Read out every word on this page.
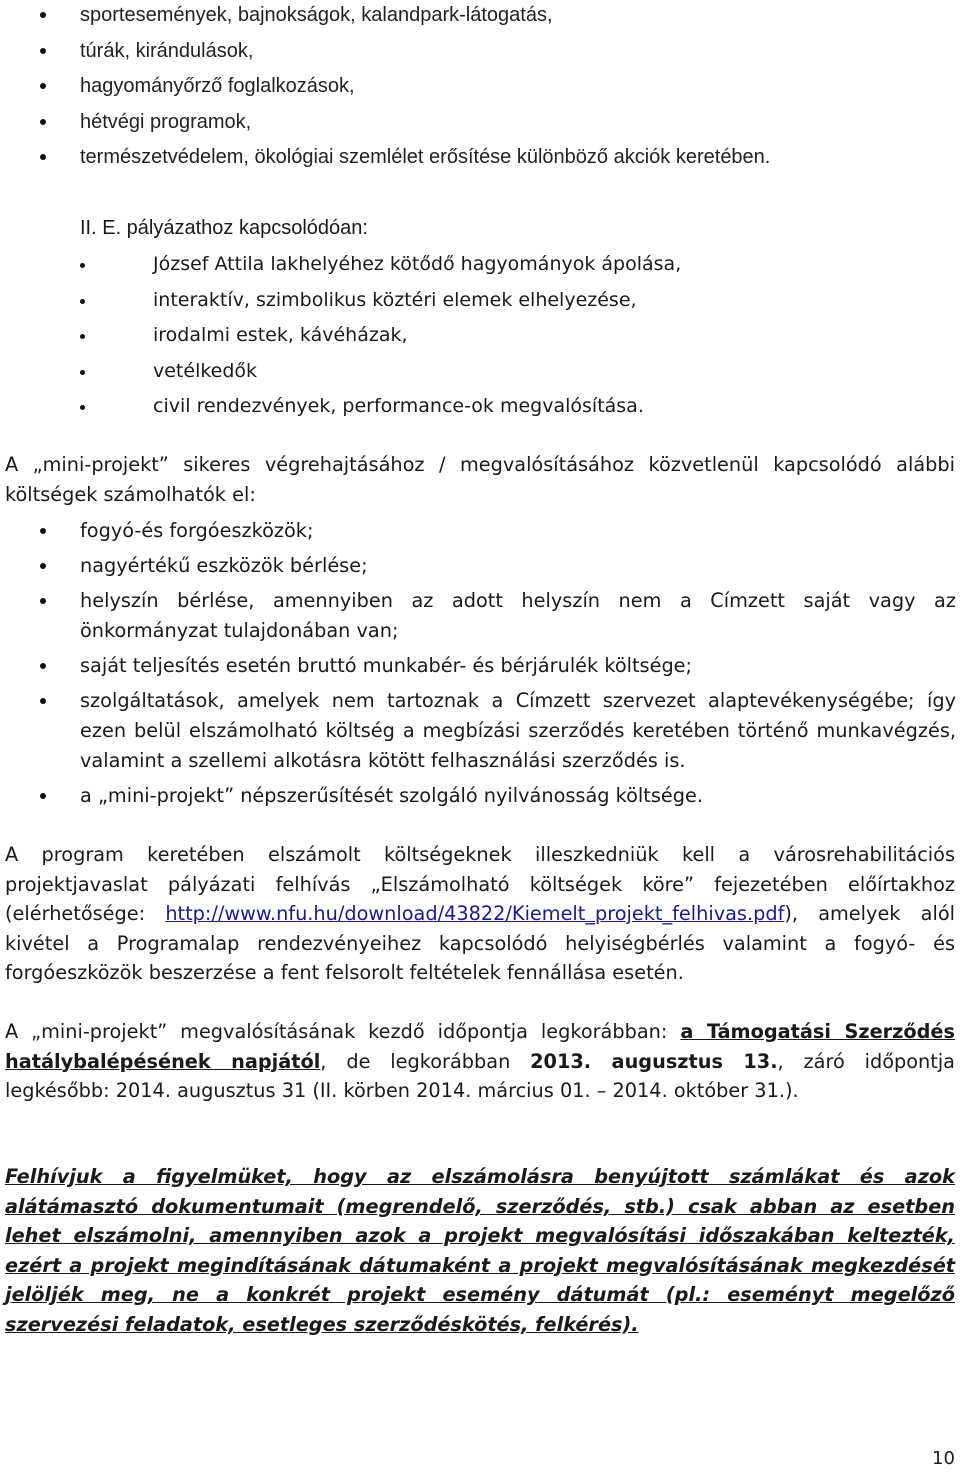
sportesemények, bajnokságok, kalandpark-látogatás,
túrák, kirándulások,
hagyományőrző foglalkozások,
hétvégi programok,
természetvédelem, ökológiai szemlélet erősítése különböző akciók keretében.
II. E. pályázathoz kapcsolódóan:
József Attila lakhelyéhez kötődő hagyományok ápolása,
interaktív, szimbolikus köztéri elemek elhelyezése,
irodalmi estek, kávéházak,
vetélkedők
civil rendezvények, performance-ok megvalósítása.

A „mini-projekt” sikeres végrehajtásához / megvalósításához közvetlenül kapcsolódó alábbi költségek számolhatók el:

fogyó-és forgóeszközök;
nagyértékű eszközök bérlése;
helyszín bérlése, amennyiben az adott helyszín nem a Címzett saját vagy az önkormányzat tulajdonában van;
saját teljesítés esetén bruttó munkabér- és bérjárulék költsége;
szolgáltatások, amelyek nem tartoznak a Címzett szervezet alaptevékenységébe; így ezen belül elszámolható költség a megbízási szerződés keretében történő munkavégzés, valamint a szellemi alkotásra kötött felhasználási szerződés is.
a „mini-projekt” népszerűsítését szolgáló nyilvánosság költsége.

A program keretében elszámolt költségeknek illeszkedniük kell a városrehabilitációs projektjavaslat pályázati felhívás „Elszámolható költségek köre” fejezetében előírtakhoz (elérhetősége: http://www.nfu.hu/download/43822/Kiemelt_projekt_felhivas.pdf), amelyek alól kivétel a Programalap rendezvényeihez kapcsolódó helyiségbérlés valamint a fogyó- és forgóeszközök beszerzése a fent felsorolt feltételek fennállása esetén.

A „mini-projekt” megvalósításának kezdő időpontja legkorábban: a Támogatási Szerződés hatálybalépésének napjától, de legkorábban 2013. augusztus 13., záró időpontja legkésőbb: 2014. augusztus 31 (II. körben 2014. március 01. – 2014. október 31.).

Felhívjuk a figyelmüket, hogy az elszámolásra benyújtott számlákat és azok alátámasztó dokumentumait (megrendelő, szerződés, stb.) csak abban az esetben lehet elszámolni, amennyiben azok a projekt megvalósítási időszakában keltezték, ezért a projekt megindításának dátumaként a projekt megvalósításának megkezdését jelöljék meg, ne a konkrét projekt esemény dátumát (pl.: eseményt megelőző szervezési feladatok, esetleges szerződéskötés, felkérés).

10
